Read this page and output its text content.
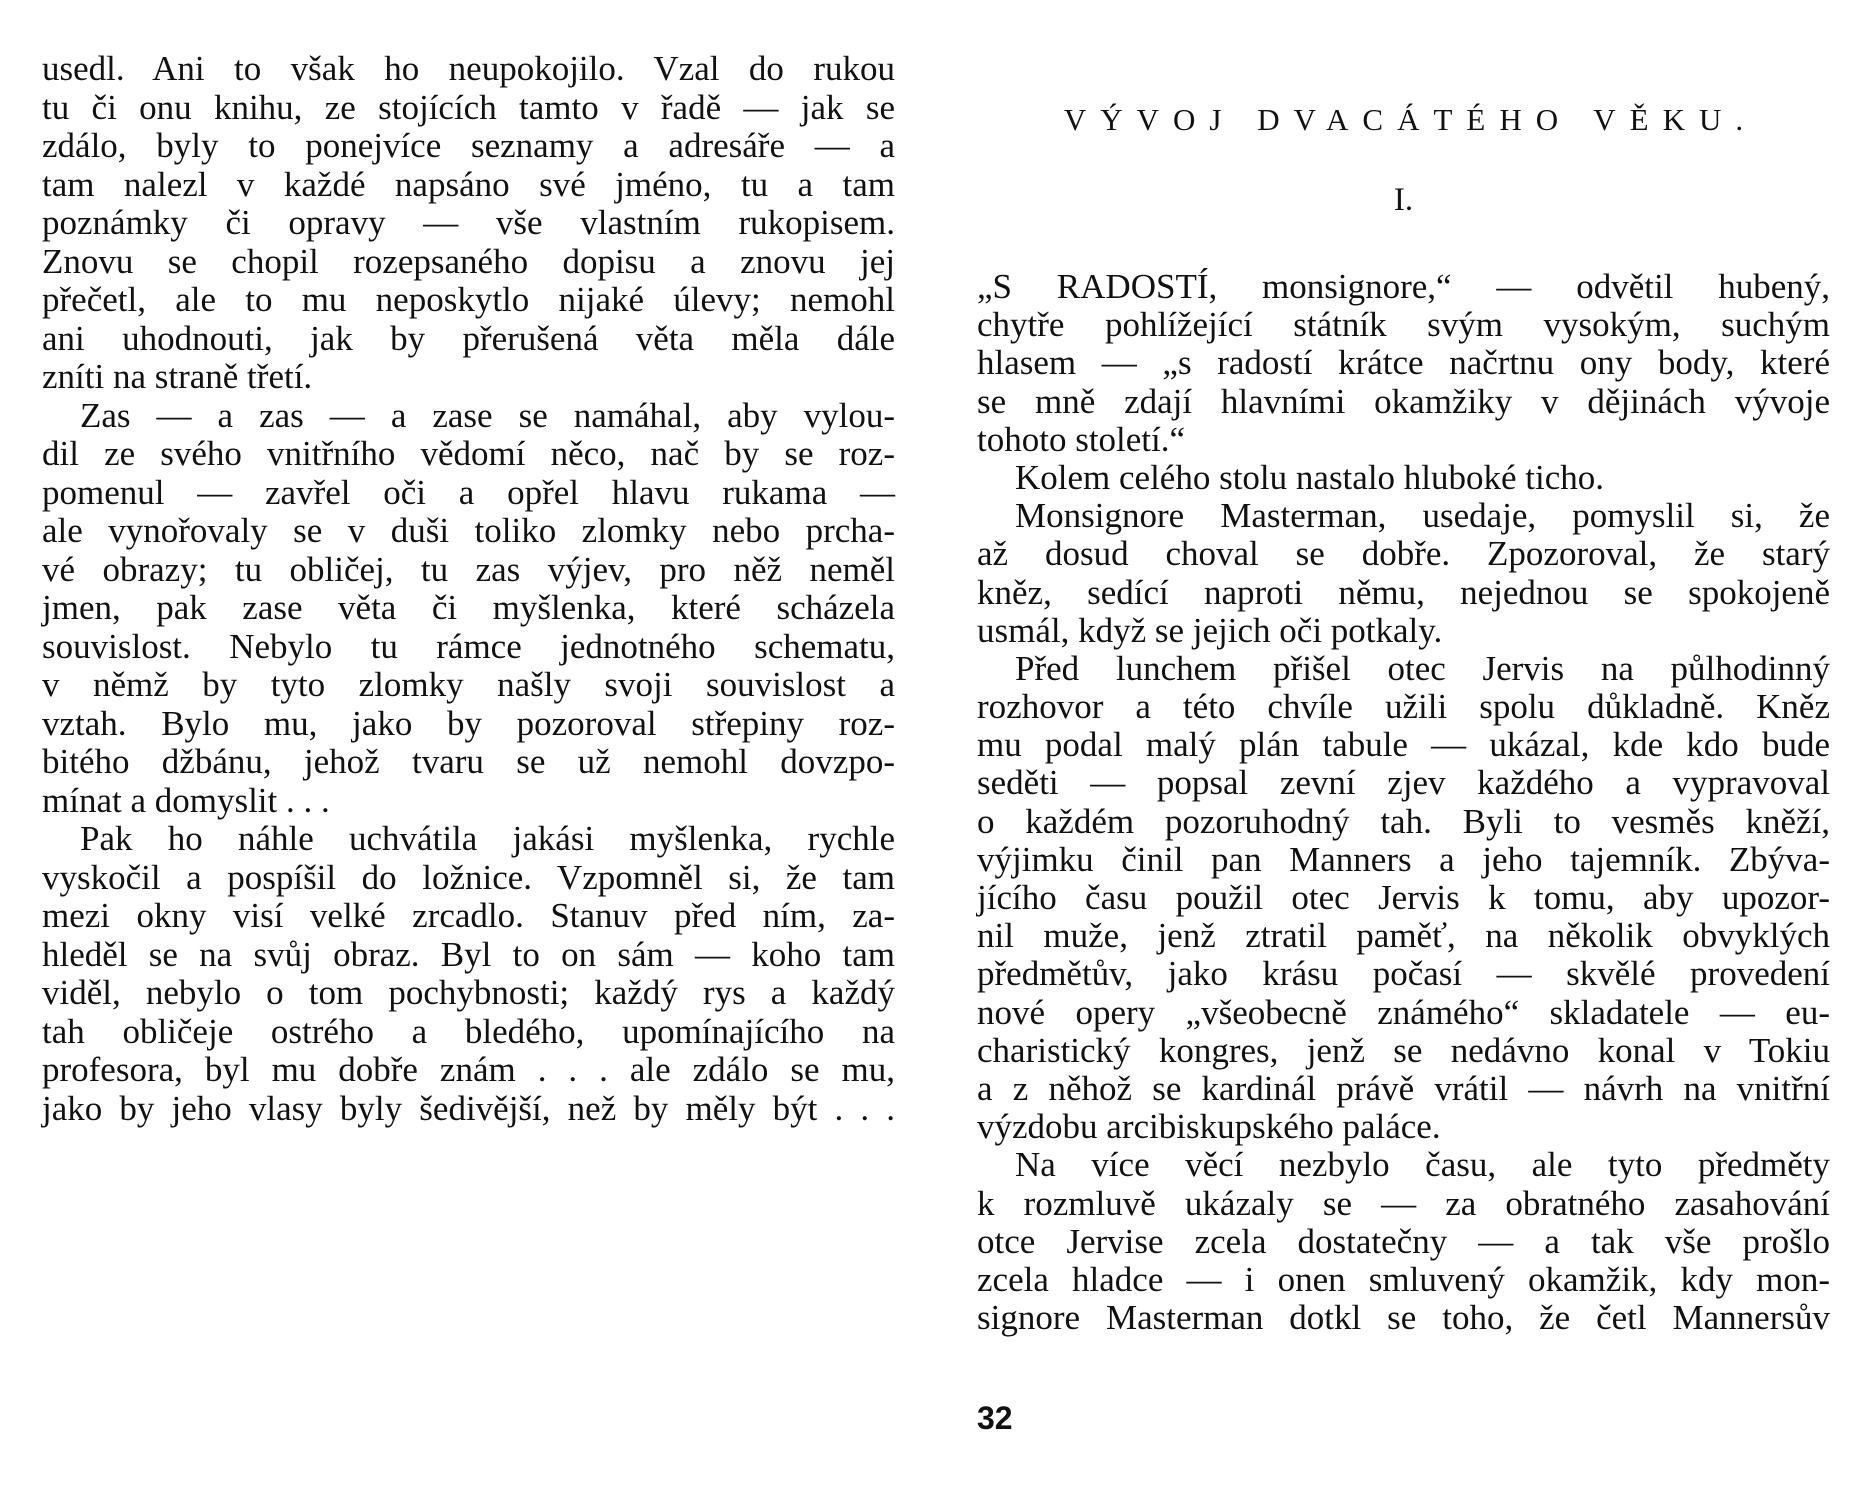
usedl. Ani to však ho neupokojilo. Vzal do rukou
tu či onu knihu, ze stojících tamto v řadě — jak se
zdálo, byly to ponejvíce seznamy a adresáře — a
tam nalezl v každé napsáno své jméno, tu a tam
poznámky či opravy — vše vlastním rukopisem.
Znovu se chopil rozepsaného dopisu a znovu jej
přečetl, ale to mu neposkytlo nijaké úlevy; nemohl
ani uhodnouti, jak by přerušená věta měla dále
zníti na straně třetí.
Zas — a zas — a zase se namáhal, aby vylou-
dil ze svého vnitřního vědomí něco, nač by se roz-
pomenul — zavřel oči a opřel hlavu rukama —
ale vynořovaly se v duši toliko zlomky nebo prcha-
vé obrazy; tu obličej, tu zas výjev, pro něž neměl
jmen, pak zase věta či myšlenka, které scházela
souvislost. Nebylo tu rámce jednotného schematu,
v němž by tyto zlomky našly svoji souvislost a
vztah. Bylo mu, jako by pozoroval střepiny roz-
bitého džbánu, jehož tvaru se už nemohl dovzpo-
mínat a domyslit . . .
Pak ho náhle uchvátila jakási myšlenka, rychle
vyskočil a pospíšil do ložnice. Vzpomněl si, že tam
mezi okny visí velké zrcadlo. Stanuv před ním, za-
hleděl se na svůj obraz. Byl to on sám — koho tam
viděl, nebylo o tom pochybnosti; každý rys a každý
tah obličeje ostrého a bledého, upomínajícího na
profesora, byl mu dobře znám . . . ale zdálo se mu,
jako by jeho vlasy byly šedivější, než by měly být . . .
VÝVOJ DVACÁTÉHO VĚKU.
I.
„S RADOSTÍ, monsignore,“ — odvětil hubený,
chytře pohlížející státník svým vysokým, suchým
hlasem — „s radostí krátce načrtnu ony body, které
se mně zdají hlavními okamžiky v dějinách vývoje
tohoto století.“
Kolem celého stolu nastalo hluboké ticho.
Monsignore Masterman, usedaje, pomyslil si, že
až dosud choval se dobře. Zpozoroval, že starý
kněz, sedící naproti němu, nejednou se spokojeně
usmál, když se jejich oči potkaly.
Před lunchem přišel otec Jervis na půlhodinný
rozhovor a této chvíle užili spolu důkladně. Kněz
mu podal malý plán tabule — ukázal, kde kdo bude
seděti — popsal zevní zjev každého a vypravoval
o každém pozoruhodný tah. Byli to vesměs kněží,
výjimku činil pan Manners a jeho tajemník. Zbýva-
jícího času použil otec Jervis k tomu, aby upozor-
nil muže, jenž ztratil paměť, na několik obvyklých
předmětův, jako krásu počasí — skvělé provedení
nové opery „všeobecně známého“ skladatele — eu-
charistický kongres, jenž se nedávno konal v Tokiu
a z něhož se kardinál právě vrátil — návrh na vnitřní
výzdobu arcibiskupského paláce.
Na více věcí nezbylo času, ale tyto předměty
k rozmluvě ukázaly se — za obratného zasahování
otce Jervise zcela dostatečny — a tak vše prošlo
zcela hladce — i onen smluvený okamžik, kdy mon-
signore Masterman dotkl se toho, že četl Mannersův
32
